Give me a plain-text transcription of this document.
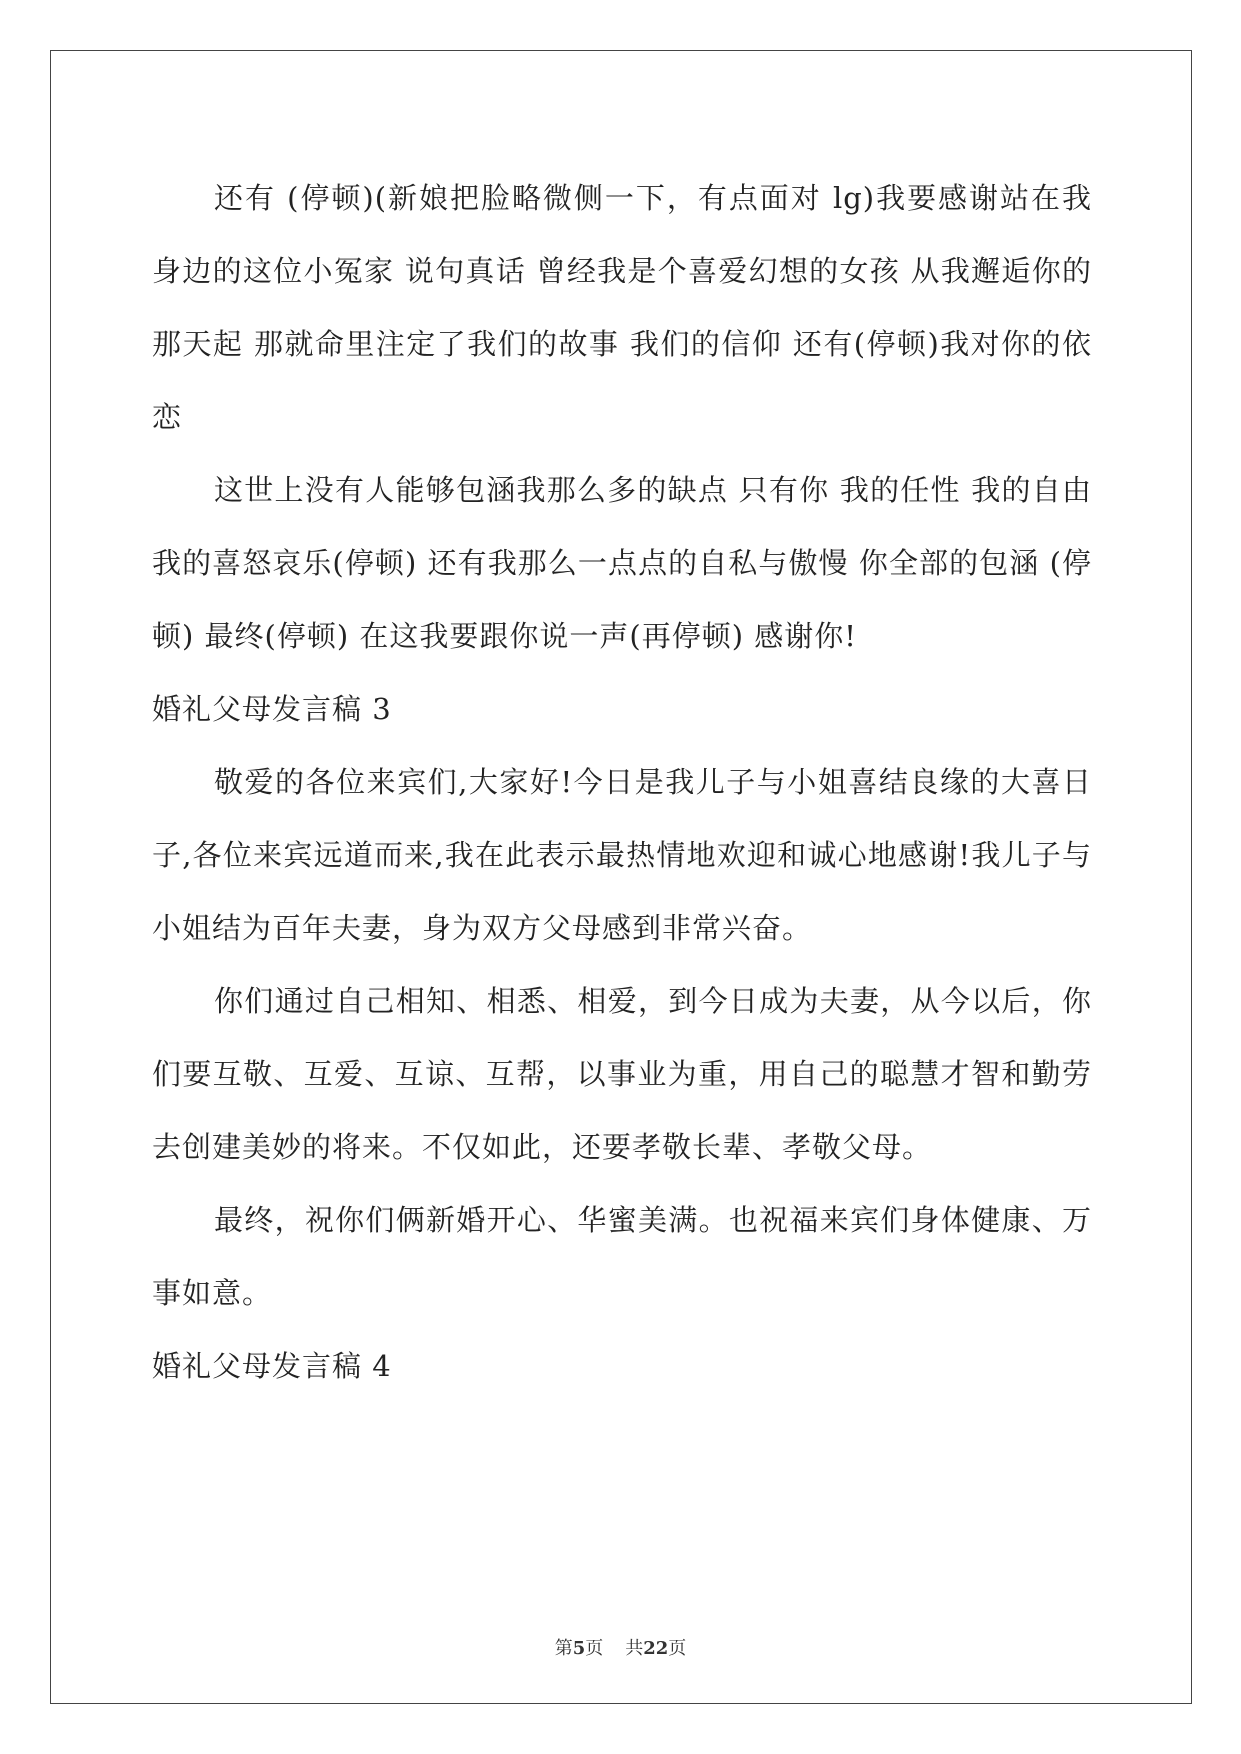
还有 (停顿)(新娘把脸略微侧一下，有点面对 lg)我要感谢站在我身边的这位小冤家 说句真话 曾经我是个喜爱幻想的女孩 从我邂逅你的那天起 那就命里注定了我们的故事 我们的信仰 还有(停顿)我对你的依恋

这世上没有人能够包涵我那么多的缺点 只有你 我的任性 我的自由 我的喜怒哀乐(停顿) 还有我那么一点点的自私与傲慢 你全部的包涵 (停顿) 最终(停顿) 在这我要跟你说一声(再停顿) 感谢你!

婚礼父母发言稿 3

敬爱的各位来宾们,大家好!今日是我儿子与小姐喜结良缘的大喜日子,各位来宾远道而来,我在此表示最热情地欢迎和诚心地感谢!我儿子与小姐结为百年夫妻，身为双方父母感到非常兴奋。

你们通过自己相知、相悉、相爱，到今日成为夫妻，从今以后，你们要互敬、互爱、互谅、互帮，以事业为重，用自己的聪慧才智和勤劳去创建美妙的将来。不仅如此，还要孝敬长辈、孝敬父母。

最终，祝你们俩新婚开心、华蜜美满。也祝福来宾们身体健康、万事如意。

婚礼父母发言稿 4

第5页 共22页
